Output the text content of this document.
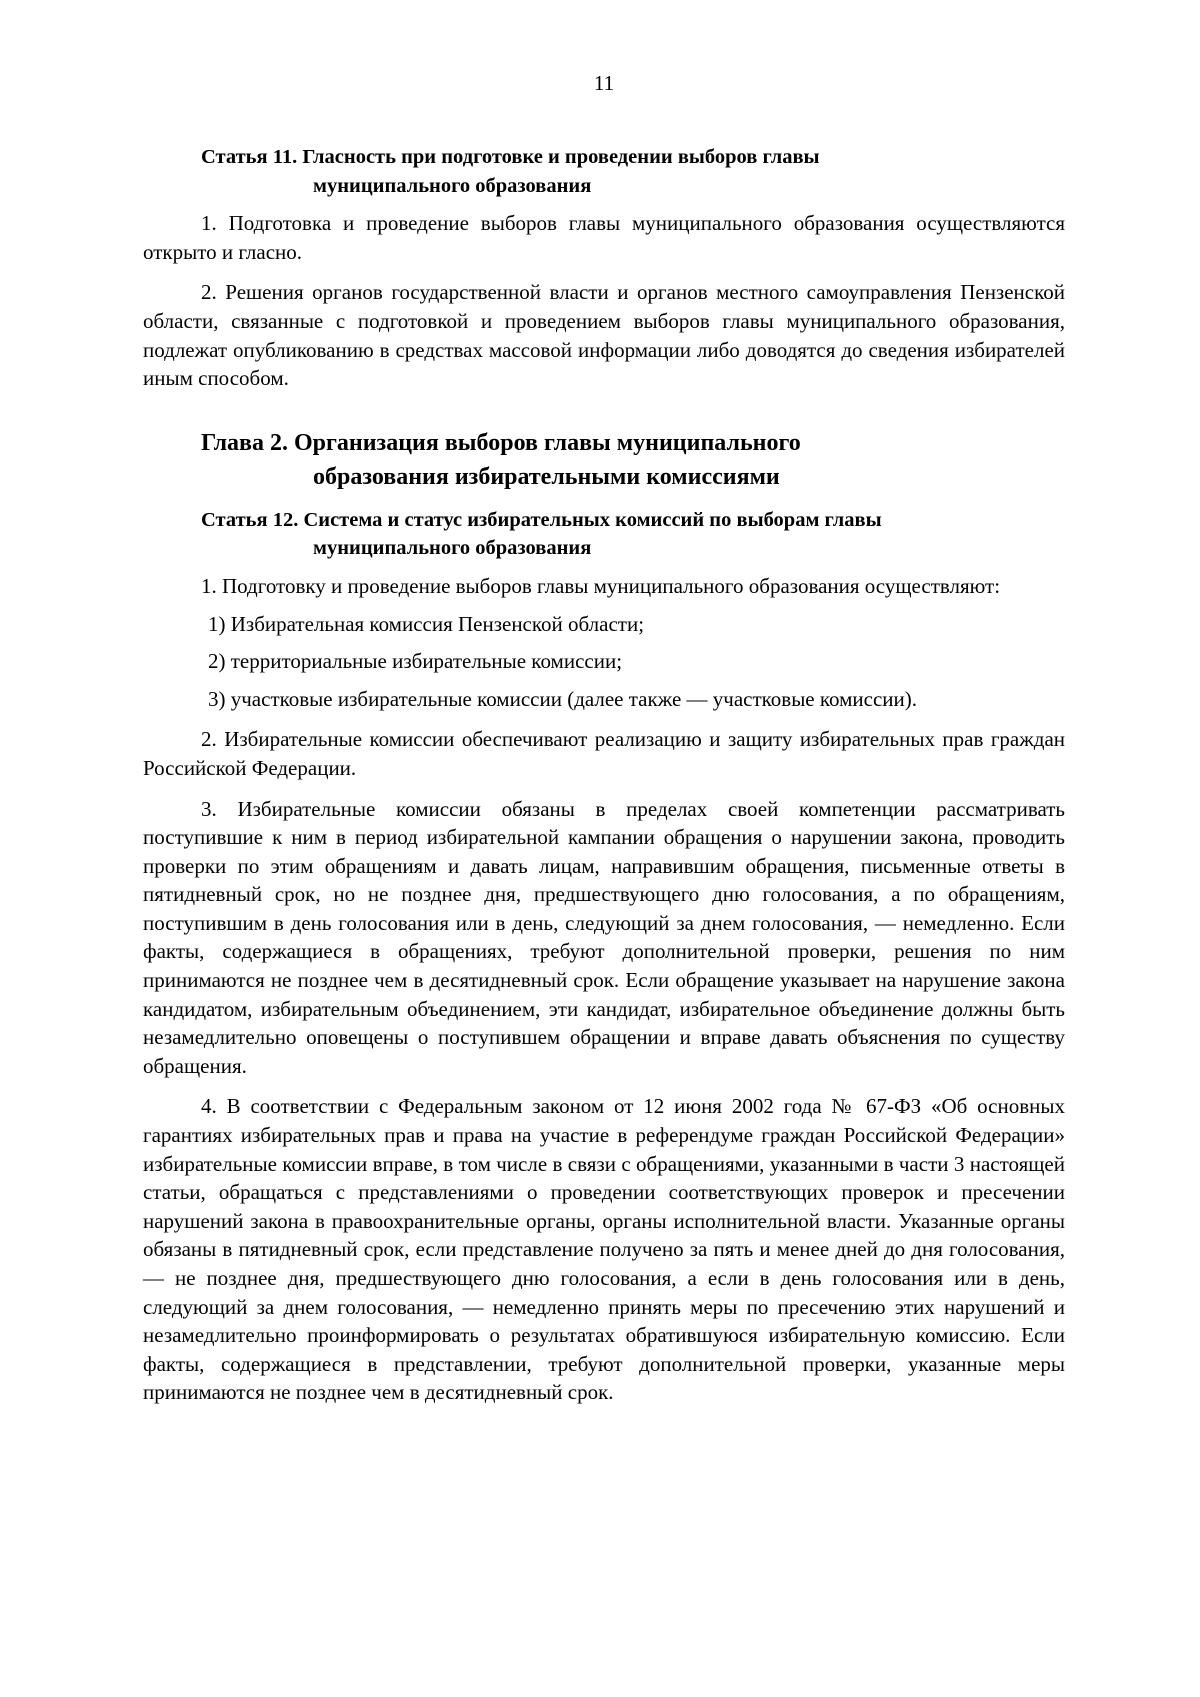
11
Статья 11. Гласность при подготовке и проведении выборов главы
муниципального образования

1. Подготовка и проведение выборов главы муниципального образования осуществляются открыто и гласно.

2. Решения органов государственной власти и органов местного самоуправления Пензенской области, связанные с подготовкой и проведением выборов главы муниципального образования, подлежат опубликованию в средствах массовой информации либо доводятся до сведения избирателей иным способом.

Глава 2. Организация выборов главы муниципального
образования избирательными комиссиями
Статья 12. Система и статус избирательных комиссий по выборам главы
муниципального образования

1. Подготовку и проведение выборов главы муниципального образования осуществляют:

1) Избирательная комиссия Пензенской области;

2) территориальные избирательные комиссии;

3) участковые избирательные комиссии (далее также — участковые комиссии).

2. Избирательные комиссии обеспечивают реализацию и защиту избирательных прав граждан Российской Федерации.

3. Избирательные комиссии обязаны в пределах своей компетенции рассматривать поступившие к ним в период избирательной кампании обращения о нарушении закона, проводить проверки по этим обращениям и давать лицам, направившим обращения, письменные ответы в пятидневный срок, но не позднее дня, предшествующего дню голосования, а по обращениям, поступившим в день голосования или в день, следующий за днем голосования, — немедленно. Если факты, содержащиеся в обращениях, требуют дополнительной проверки, решения по ним принимаются не позднее чем в десятидневный срок. Если обращение указывает на нарушение закона кандидатом, избирательным объединением, эти кандидат, избирательное объединение должны быть незамедлительно оповещены о поступившем обращении и вправе давать объяснения по существу обращения.

4. В соответствии с Федеральным законом от 12 июня 2002 года № 67-ФЗ «Об основных гарантиях избирательных прав и права на участие в референдуме граждан Российской Федерации» избирательные комиссии вправе, в том числе в связи с обращениями, указанными в части 3 настоящей статьи, обращаться с представлениями о проведении соответствующих проверок и пресечении нарушений закона в правоохранительные органы, органы исполнительной власти. Указанные органы обязаны в пятидневный срок, если представление получено за пять и менее дней до дня голосования, — не позднее дня, предшествующего дню голосования, а если в день голосования или в день, следующий за днем голосования, — немедленно принять меры по пресечению этих нарушений и незамедлительно проинформировать о результатах обратившуюся избирательную комиссию. Если факты, содержащиеся в представлении, требуют дополнительной проверки, указанные меры принимаются не позднее чем в десятидневный срок.
